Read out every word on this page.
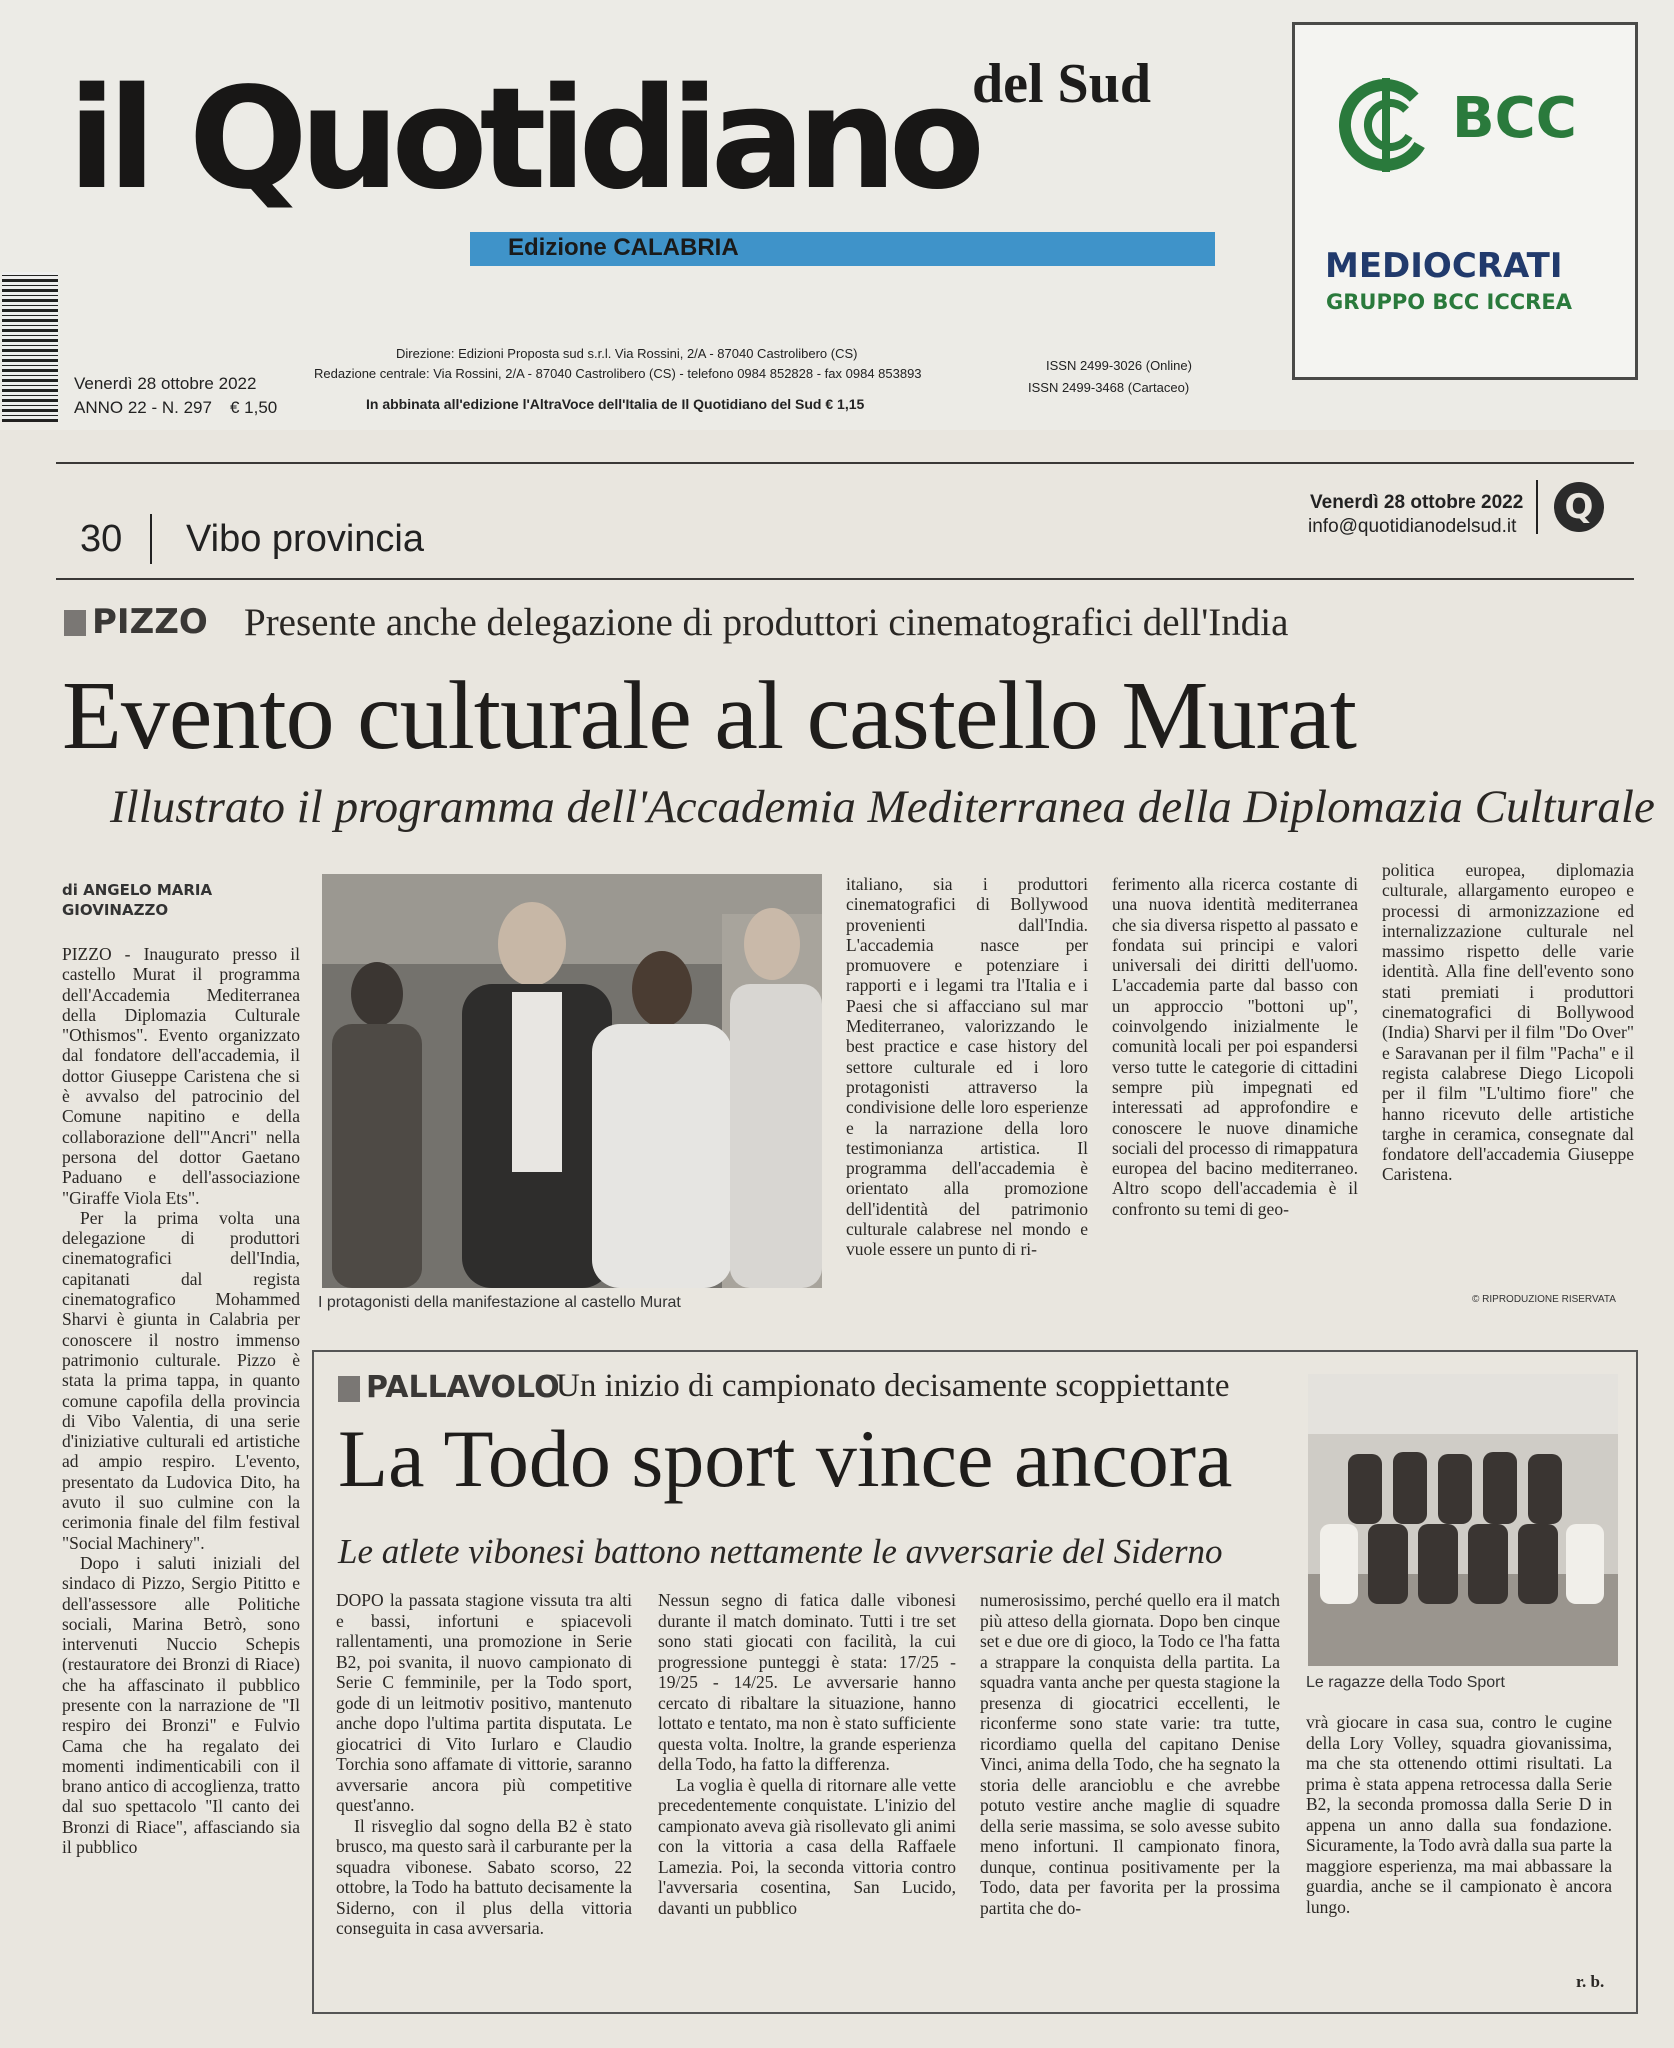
il Quotidiano
del Sud
Edizione CALABRIA
Venerdì 28 ottobre 2022
ANNO 22 - N. 297 € 1,50
Direzione: Edizioni Proposta sud s.r.l. Via Rossini, 2/A - 87040 Castrolibero (CS)
Redazione centrale: Via Rossini, 2/A - 87040 Castrolibero (CS) - telefono 0984 852828 - fax 0984 853893
In abbinata all'edizione l'AltraVoce dell'Italia de Il Quotidiano del Sud € 1,15
ISSN 2499-3026 (Online)
ISSN 2499-3468 (Cartaceo)
BCC
MEDIOCRATI
GRUPPO BCC ICCREA
30 Vibo provincia
Venerdì 28 ottobre 2022
info@quotidianodelsud.it	Q
PIZZO Presente anche delegazione di produttori cinematografici dell'India
Evento culturale al castello Murat
Illustrato il programma dell'Accademia Mediterranea della Diplomazia Culturale
di ANGELO MARIA
GIOVINAZZO

PIZZO - Inaugurato presso il castello Murat il programma dell'Accademia Mediterranea della Diplomazia Culturale "Othismos". Evento organizzato dal fondatore dell'accademia, il dottor Giuseppe Caristena che si è avvalso del patrocinio del Comune napitino e della collaborazione dell'"Ancri" nella persona del dottor Gaetano Paduano e dell'associazione "Giraffe Viola Ets".

Per la prima volta una delegazione di produttori cinematografici dell'India, capitanati dal regista cinematografico Mohammed Sharvi è giunta in Calabria per conoscere il nostro immenso patrimonio culturale. Pizzo è stata la prima tappa, in quanto comune capofila della provincia di Vibo Valentia, di una serie d'iniziative culturali ed artistiche ad ampio respiro. L'evento, presentato da Ludovica Dito, ha avuto il suo culmine con la cerimonia finale del film festival "Social Machinery".

Dopo i saluti iniziali del sindaco di Pizzo, Sergio Pititto e dell'assessore alle Politiche sociali, Marina Betrò, sono intervenuti Nuccio Schepis (restauratore dei Bronzi di Riace) che ha affascinato il pubblico presente con la narrazione de "Il respiro dei Bronzi" e Fulvio Cama che ha regalato dei momenti indimenticabili con il brano antico di accoglienza, tratto dal suo spettacolo "Il canto dei Bronzi di Riace", affasciando sia il pubblico

I protagonisti della manifestazione al castello Murat
italiano, sia i produttori cinematografici di Bollywood provenienti dall'India. L'accademia nasce per promuovere e potenziare i rapporti e i legami tra l'Italia e i Paesi che si affacciano sul mar Mediterraneo, valorizzando le best practice e case history del settore culturale ed i loro protagonisti attraverso la condivisione delle loro esperienze e la narrazione della loro testimonianza artistica. Il programma dell'accademia è orientato alla promozione dell'identità del patrimonio culturale calabrese nel mondo e vuole essere un punto di ri-
ferimento alla ricerca costante di una nuova identità mediterranea che sia diversa rispetto al passato e fondata sui principi e valori universali dei diritti dell'uomo. L'accademia parte dal basso con un approccio "bottoni up", coinvolgendo inizialmente le comunità locali per poi espandersi verso tutte le categorie di cittadini sempre più impegnati ed interessati ad approfondire e conoscere le nuove dinamiche sociali del processo di rimappatura europea del bacino mediterraneo. Altro scopo dell'accademia è il confronto su temi di geo-
politica europea, diplomazia culturale, allargamento europeo e processi di armonizzazione ed internalizzazione culturale nel massimo rispetto delle varie identità. Alla fine dell'evento sono stati premiati i produttori cinematografici di Bollywood (India) Sharvi per il film "Do Over" e Saravanan per il film "Pacha" e il regista calabrese Diego Licopoli per il film "L'ultimo fiore" che hanno ricevuto delle artistiche targhe in ceramica, consegnate dal fondatore dell'accademia Giuseppe Caristena.
© RIPRODUZIONE RISERVATA
PALLAVOLO
Un inizio di campionato decisamente scoppiettante
La Todo sport vince ancora
Le atlete vibonesi battono nettamente le avversarie del Siderno
Le ragazze della Todo Sport

DOPO la passata stagione vissuta tra alti e bassi, infortuni e spiacevoli rallentamenti, una promozione in Serie B2, poi svanita, il nuovo campionato di Serie C femminile, per la Todo sport, gode di un leitmotiv positivo, mantenuto anche dopo l'ultima partita disputata. Le giocatrici di Vito Iurlaro e Claudio Torchia sono affamate di vittorie, saranno avversarie ancora più competitive quest'anno.

Il risveglio dal sogno della B2 è stato brusco, ma questo sarà il carburante per la squadra vibonese. Sabato scorso, 22 ottobre, la Todo ha battuto decisamente la Siderno, con il plus della vittoria conseguita in casa avversaria.

Nessun segno di fatica dalle vibonesi durante il match dominato. Tutti i tre set sono stati giocati con facilità, la cui progressione punteggi è stata: 17/25 - 19/25 - 14/25. Le avversarie hanno cercato di ribaltare la situazione, hanno lottato e tentato, ma non è stato sufficiente questa volta. Inoltre, la grande esperienza della Todo, ha fatto la differenza.

La voglia è quella di ritornare alle vette precedentemente conquistate. L'inizio del campionato aveva già risollevato gli animi con la vittoria a casa della Raffaele Lamezia. Poi, la seconda vittoria contro l'avversaria cosentina, San Lucido, davanti un pubblico

numerosissimo, perché quello era il match più atteso della giornata. Dopo ben cinque set e due ore di gioco, la Todo ce l'ha fatta a strappare la conquista della partita. La squadra vanta anche per questa stagione la presenza di giocatrici eccellenti, le riconferme sono state varie: tra tutte, ricordiamo quella del capitano Denise Vinci, anima della Todo, che ha segnato la storia delle arancioblu e che avrebbe potuto vestire anche maglie di squadre della serie massima, se solo avesse subito meno infortuni. Il campionato finora, dunque, continua positivamente per la Todo, data per favorita per la prossima partita che do-
vrà giocare in casa sua, contro le cugine della Lory Volley, squadra giovanissima, ma che sta ottenendo ottimi risultati. La prima è stata appena retrocessa dalla Serie B2, la seconda promossa dalla Serie D in appena un anno dalla sua fondazione. Sicuramente, la Todo avrà dalla sua parte la maggiore esperienza, ma mai abbassare la guardia, anche se il campionato è ancora lungo.
r. b.
